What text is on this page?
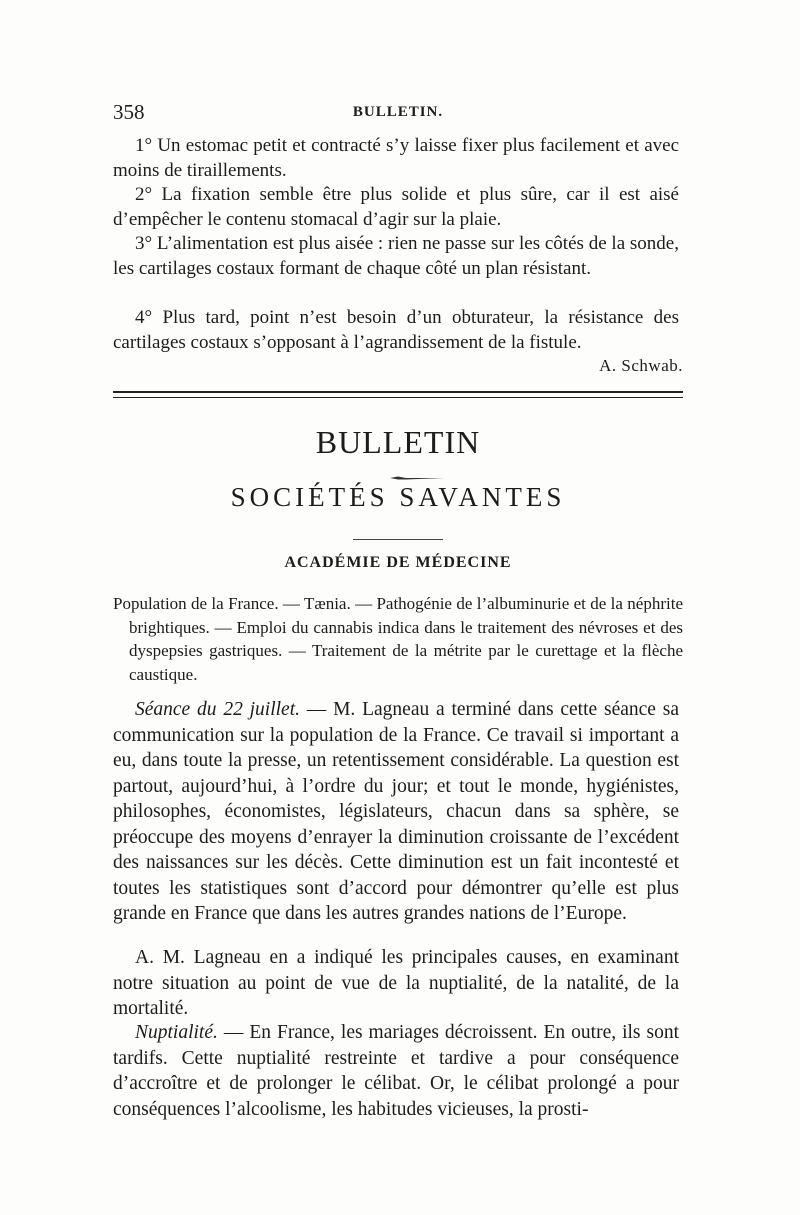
358	BULLETIN.

1° Un estomac petit et contracté s’y laisse fixer plus facilement et avec moins de tiraillements.

2° La fixation semble être plus solide et plus sûre, car il est aisé d’empêcher le contenu stomacal d’agir sur la plaie.

3° L’alimentation est plus aisée : rien ne passe sur les côtés de la sonde, les cartilages costaux formant de chaque côté un plan résistant.

4° Plus tard, point n’est besoin d’un obturateur, la résistance des cartilages costaux s’opposant à l’agrandissement de la fistule.

A. Schwab.
BULLETIN
SOCIÉTÉS SAVANTES
ACADÉMIE DE MÉDECINE

Population de la France. — Tænia. — Pathogénie de l’albuminurie et de la néphrite brightiques. — Emploi du cannabis indica dans le traitement des névroses et des dyspepsies gastriques. — Traitement de la métrite par le curettage et la flèche caustique.

Séance du 22 juillet. — M. Lagneau a terminé dans cette séance sa communication sur la population de la France. Ce travail si important a eu, dans toute la presse, un retentissement considérable. La question est partout, aujourd’hui, à l’ordre du jour; et tout le monde, hygiénistes, philosophes, économistes, législateurs, chacun dans sa sphère, se préoccupe des moyens d’enrayer la diminution croissante de l’excédent des naissances sur les décès. Cette diminution est un fait incontesté et toutes les statistiques sont d’accord pour démontrer qu’elle est plus grande en France que dans les autres grandes nations de l’Europe.

A. M. Lagneau en a indiqué les principales causes, en examinant notre situation au point de vue de la nuptialité, de la natalité, de la mortalité.

Nuptialité. — En France, les mariages décroissent. En outre, ils sont tardifs. Cette nuptialité restreinte et tardive a pour conséquence d’accroître et de prolonger le célibat. Or, le célibat prolongé a pour conséquences l’alcoolisme, les habitudes vicieuses, la prosti-
